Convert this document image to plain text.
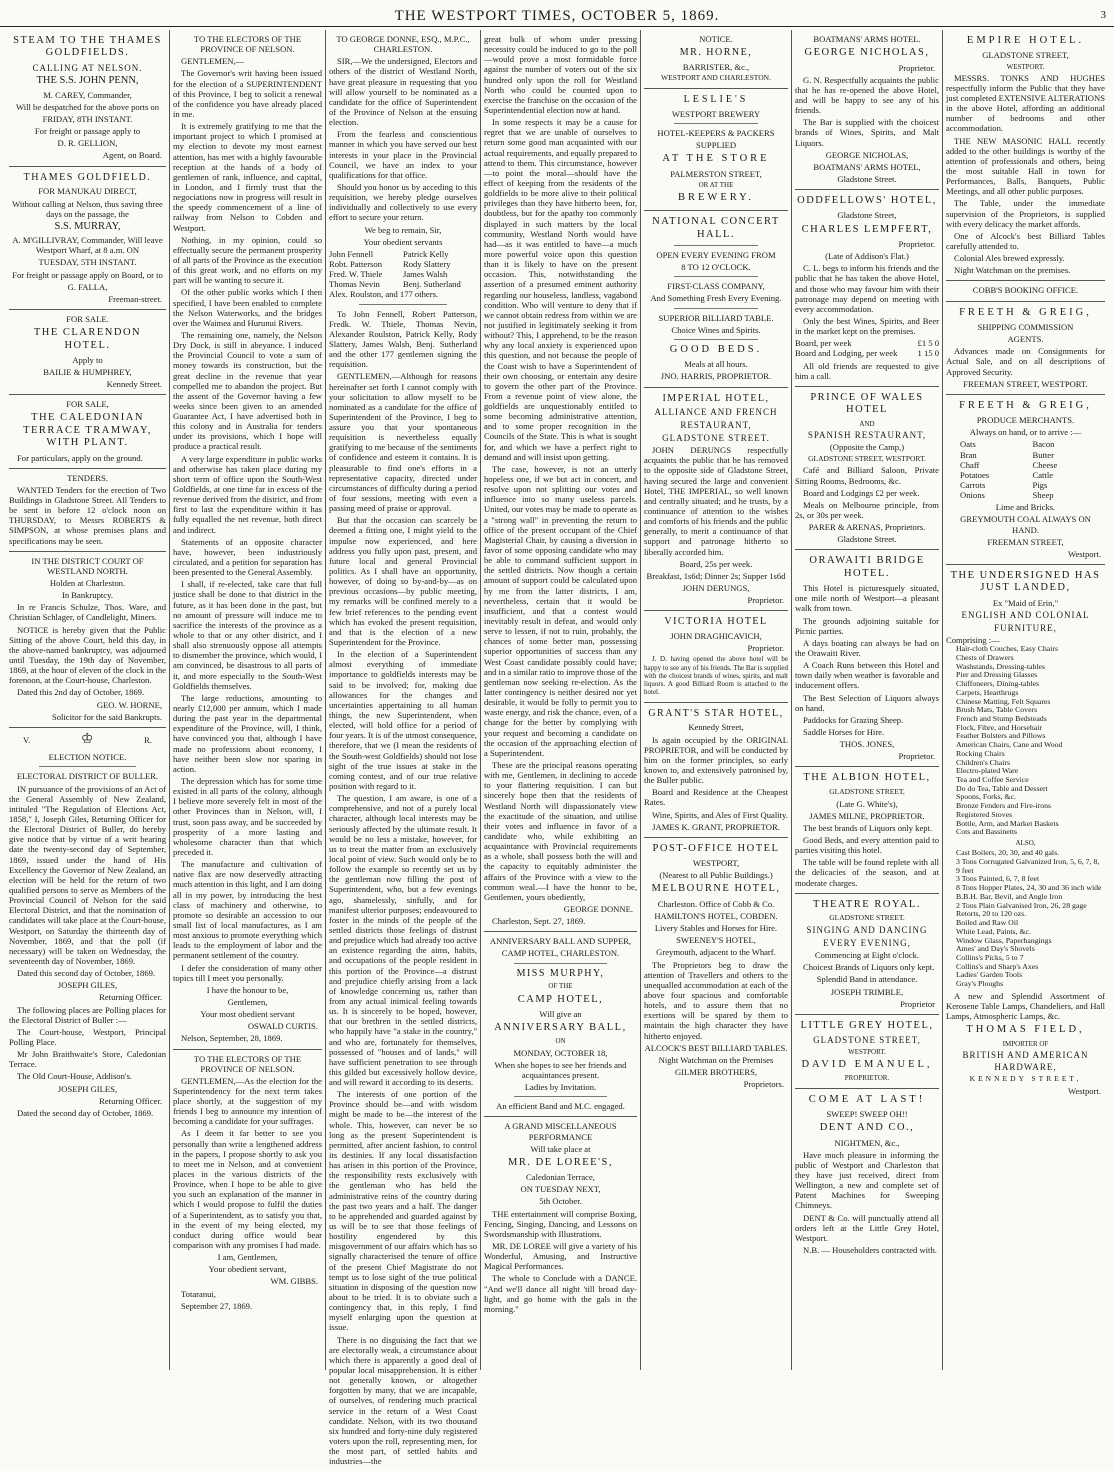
THE WESTPORT TIMES, OCTOBER 5, 1869.	3

STEAM TO THE THAMES GOLDFIELDS.

CALLING AT NELSON.

THE S.S. JOHN PENN,

M. CAREY, Commander,

Will be despatched for the above ports on

FRIDAY, 8TH INSTANT.

For freight or passage apply to

D. R. GELLION,

Agent, on Board.

THAMES GOLDFIELD.

FOR MANUKAU DIRECT,

Without calling at Nelson, thus saving three days on the passage, the

S.S. MURRAY,

A. M'GILLIVRAY, Commander, Will leave Westport Wharf, at 8 a.m. ON

TUESDAY, 5TH INSTANT.

For freight or passage apply on Board, or to

G. FALLA,

Freeman-street.

FOR SALE.

THE CLARENDON HOTEL.

Apply to

BAILIE & HUMPHREY,

Kennedy Street.

FOR SALE,

THE CALEDONIAN TERRACE TRAMWAY, WITH PLANT.

For particulars, apply on the ground.

TENDERS.

WANTED Tenders for the erection of Two Buildings in Gladstone Street. All Tenders to be sent in before 12 o'clock noon on THURSDAY, to Messrs ROBERTS & SIMPSON, at whose premises plans and specifications may be seen.

IN THE DISTRICT COURT OF WESTLAND NORTH.

Holden at Charleston.

In Bankruptcy.

In re Francis Schulze, Thos. Ware, and Christian Schlager, of Candlelight, Miners.

NOTICE is hereby given that the Public Sitting of the above Court, held this day, in the above-named bankruptcy, was adjourned until Tuesday, the 19th day of November, 1869, at the hour of eleven of the clock in the forenoon, at the Court-house, Charleston.

Dated this 2nd day of October, 1869.

GEO. W. HORNE,

Solicitor for the said Bankrupts.

V.	♔	R.

ELECTION NOTICE.

ELECTORAL DISTRICT OF BULLER.

IN pursuance of the provisions of an Act of the General Assembly of New Zealand, intituled "The Regulation of Elections Act, 1858," I, Joseph Giles, Returning Officer for the Electoral District of Buller, do hereby give notice that by virtue of a writ bearing date the twenty-second day of September, 1869, issued under the hand of His Excellency the Governor of New Zealand, an election will be held for the return of two qualified persons to serve as Members of the Provincial Council of Nelson for the said Electoral District, and that the nomination of candidates will take place at the Court-house, Westport, on Saturday the thirteenth day of November, 1869, and that the poll (if necessary) will be taken on Wednesday, the seventeenth day of November, 1869.

Dated this second day of October, 1869.

JOSEPH GILES,

Returning Officer.

The following places are Polling places for the Electoral District of Buller :—

The Court-house, Westport, Principal Polling Place.

Mr John Braithwaite's Store, Caledonian Terrace.

The Old Court-House, Addison's.

JOSEPH GILES,

Returning Officer.

Dated the second day of October, 1869.

TO THE ELECTORS OF THE PROVINCE OF NELSON.

GENTLEMEN,—

The Governor's writ having been issued for the election of a SUPERINTENDENT of this Province, I beg to solicit a renewal of the confidence you have already placed in me.

It is extremely gratifying to me that the important project to which I promised at my election to devote my most earnest attention, has met with a highly favourable reception at the hands of a body of gentlemen of rank, influence, and capital, in London, and I firmly trust that the negociations now in progress will result in the speedy commencement of a line of railway from Nelson to Cobden and Westport.

Nothing, in my opinion, could so effectually secure the permanent prosperity of all parts of the Province as the execution of this great work, and no efforts on my part will be wanting to secure it.

Of the other public works which I then specified, I have been enabled to complete the Nelson Waterworks, and the bridges over the Waimea and Hurunui Rivers.

The remaining one, namely, the Nelson Dry Dock, is still in abeyance. I induced the Provincial Council to vote a sum of money towards its construction, but the great decline in the revenue that year compelled me to abandon the project. But the assent of the Governor having a few weeks since been given to an amended Guarantee Act, I have advertised both in this colony and in Australia for tenders under its provisions, which I hope will produce a practical result.

A very large expenditure in public works and otherwise has taken place during my short term of office upon the South-West Goldfields, at one time far in excess of the revenue derived from the district, and from first to last the expenditure within it has fully equalled the net revenue, both direct and indirect.

Statements of an opposite character have, however, been industriously circulated, and a petition for separation has been presented to the General Assembly.

I shall, if re-elected, take care that full justice shall be done to that district in the future, as it has been done in the past, but no amount of pressure will induce me to sacrifice the interests of the province as a whole to that or any other district, and I shall also strenuously oppose all attempts to dismember the province, which would, I am convinced, be disastrous to all parts of it, and more especially to the South-West Goldfields themselves.

The large reductions, amounting to nearly £12,000 per annum, which I made during the past year in the departmental expenditure of the Province, will, I think, have convinced you that, although I have made no professions about economy, I have neither been slow nor sparing in action.

The depression which has for some time existed in all parts of the colony, although I believe more severely felt in most of the other Provinces than in Nelson, will, I trust, soon pass away, and be succeeded by prosperity of a more lasting and wholesome character than that which preceded it.

The manufacture and cultivation of native flax are now deservedly attracting much attention in this light, and I am doing all in my power, by introducing the best class of machinery and otherwise, to promote so desirable an accession to our small list of local manufactures, as I am most anxious to promote everything which leads to the employment of labor and the permanent settlement of the country.

I defer the consideration of many other topics till I meet you personally.

I have the honour to be,

Gentlemen,

Your most obedient servant

OSWALD CURTIS.

Nelson, September, 28, 1869.

TO THE ELECTORS OF THE PROVINCE OF NELSON.

GENTLEMEN,—As the election for the Superintendency for the next term takes place shortly, at the suggestion of my friends I beg to announce my intention of becoming a candidate for your suffrages.

As I deem it far better to see you personally than write a lengthened address in the papers, I propose shortly to ask you to meet me in Nelson, and at convenient places in the various districts of the Province, when I hope to be able to give you such an explanation of the manner in which I would propose to fulfil the duties of a Superintendent, as to satisfy you that, in the event of my being elected, my conduct during office would bear comparison with any promises I had made.

I am, Gentlemen,

Your obedient servant,

WM. GIBBS.

Totaranui,

September 27, 1869.

TO GEORGE DONNE, ESQ., M.P.C., CHARLESTON.

SIR,—We the undersigned, Electors and others of the district of Westland North, have great pleasure in requesting that you will allow yourself to be nominated as a candidate for the office of Superintendent of the Province of Nelson at the ensuing election.

From the fearless and conscientious manner in which you have served our best interests in your place in the Provincial Council, we have an index to your qualifications for that office.

Should you honor us by acceding to this requisition, we hereby pledge ourselves individually and collectively to use every effort to secure your return.

We beg to remain, Sir,

Your obedient servants

John Fennell	Patrick Kelly
Robt. Patterson	Rody Slattery
Fred. W. Thiele	James Walsh
Thomas Nevin	Benj. Sutherland

Alex. Roulston, and 177 others.

To John Fennell, Robert Patterson, Fredk. W. Thiele, Thomas Nevin, Alexander Roulston, Patrick Kelly, Rody Slattery, James Walsh, Benj. Sutherland and the other 177 gentlemen signing the requisition.

GENTLEMEN,—Although for reasons hereinafter set forth I cannot comply with your solicitation to allow myself to be nominated as a candidate for the office of Superintendent of the Province, I beg to assure you that your spontaneous requisition is nevertheless equally gratifying to me because of the sentiments of confidence and esteem it contains. It is pleasurable to find one's efforts in a representative capacity, directed under circumstances of difficulty during a period of four sessions, meeting with even a passing meed of praise or approval.

But that the occasion can scarcely be deemed a fitting one, I might yield to the impulse now experienced, and here address you fully upon past, present, and future local and general Provincial politics. As I shall have an opportunity, however, of doing so by-and-by—as on previous occasions—by public meeting, my remarks will be confined merely to a few brief references to the pending event which has evoked the present requisition, and that is the election of a new Superintendent for the Province.

In the election of a Superintendent almost everything of immediate importance to goldfields interests may be said to be involved; for, making due allowances for the changes and uncertainties appertaining to all human things, the new Superintendent, when elected, will hold office for a period of four years. It is of the utmost consequence, therefore, that we (I mean the residents of the South-west Goldfields) should not lose sight of the true issues at stake in the coming contest, and of our true relative position with regard to it.

The question, I am aware, is one of a comprehensive, and not of a purely local character, although local interests may be seriously affected by the ultimate result. It would be no less a mistake, however, for us to treat the matter from an exclusively local point of view. Such would only be to follow the example so recently set us by the gentleman now filling the post of Superintendent, who, but a few evenings ago, shamelessly, sinfully, and for manifest ulterior purposes; endeavoured to foster in the minds of the people of the settled districts those feelings of distrust and prejudice which had already too active an existence regarding the aims, habits, and occupations of the people resident in this portion of the Province—a distrust and prejudice chiefly arising from a lack of knowledge concerning us, rather than from any actual inimical feeling towards us. It is sincerely to be hoped, however, that our brethren in the settled districts, who happily have "a stake in the country," and who are, fortunately for themselves, possessed of "houses and of lands," will have sufficient penetration to see through this gilded but excessively hollow device, and will reward it according to its deserts.

The interests of one portion of the Province should be—and with wisdom might be made to be—the interest of the whole. This, however, can never be so long as the present Superintendent is permitted, after ancient fashion, to control its destinies. If any local dissatisfaction has arisen in this portion of the Province, the responsibility rests exclusively with the gentleman who has held the administrative reins of the country during the past two years and a half. The danger to be apprehended and guarded against by us will be to see that those feelings of hostility engendered by this misgovernment of our affairs which has so signally characterised the tenure of office of the present Chief Magistrate do not tempt us to lose sight of the true political situation in disposing of the question now about to be tried. It is to obviate such a contingency that, in this reply, I find myself enlarging upon the question at issue.

There is no disguising the fact that we are electorally weak, a circumstance about which there is apparently a good deal of popular local misapprehension. It is either not generally known, or altogether forgotten by many, that we are incapable, of ourselves, of rendering much practical service in the return of a West Coast candidate. Nelson, with its two thousand six hundred and forty-nine duly registered voters upon the roll, representing men, for the most part, of settled habits and industries—the

great bulk of whom under pressing necessity could be induced to go to the poll—would prove a most formidable force against the number of voters out of the six hundred only upon the roll for Westland North who could be counted upon to exercise the franchise on the occasion of the Superintendential election now at hand.

In some respects it may be a cause for regret that we are unable of ourselves to return some good man acquainted with our actual requirements, and equally prepared to attend to them. This circumstance, however—to point the moral—should have the effect of keeping from the residents of the goldfields to be more alive to their political privileges than they have hitherto been, for, doubtless, but for the apathy too commonly displayed in such matters by the local community, Westland North would have had—as it was entitled to have—a much more powerful voice upon this question than it is likely to have on the present occasion. This, notwithstanding the assertion of a presumed eminent authority regarding our houseless, landless, vagabond condition. Who will venture to deny that if we cannot obtain redress from within we are not justified in legitimately seeking it from without? This, I apprehend, to be the reason why any local anxiety is experienced upon this question, and not because the people of the Coast wish to have a Superintendent of their own choosing, or entertain any desire to govern the other part of the Province. From a revenue point of view alone, the goldfields are unquestionably entitled to some becoming administrative attention, and to some proper recognition in the Councils of the State. This is what is sought for, and which we have a perfect right to demand and will insist upon getting.

The case, however, is not an utterly hopeless one, if we but act in concert, and resolve upon not splitting our votes and influence into so many useless parcels. United, our votes may be made to operate as a "strong wall" in preventing the return to office of the present occupant of the Chief Magisterial Chair, by causing a diversion in favor of some opposing candidate who may be able to command sufficient support in the settled districts. Now though a certain amount of support could be calculated upon by me from the latter districts, I am, nevertheless, certain that it would be insufficient, and that a contest would inevitably result in defeat, and would only serve to lessen, if not to ruin, probably, the chances of some better man, possessing superior opportunities of success than any West Coast candidate possibly could have; and in a similar ratio to improve those of the gentleman now seeking re-election. As the latter contingency is neither desired nor yet desirable, it would be folly to permit you to waste energy, and risk the chance, even, of a change for the better by complying with your request and becoming a candidate on the occasion of the approaching election of a Superintendent.

These are the principal reasons operating with me, Gentlemen, in declining to accede to your flattering requisition. I can but sincerely hope then that the residents of Westland North will dispassionately view the exactitude of the situation, and utilise their votes and influence in favor of a candidate who, while exhibiting an acquaintance with Provincial requirements as a whole, shall possess both the will and the capacity to equitably administer the affairs of the Province with a view to the common weal.—I have the honor to be, Gentlemen, yours obediently,

GEORGE DONNE.

Charleston, Sept. 27, 1869.

ANNIVERSARY BALL AND SUPPER,

CAMP HOTEL, CHARLESTON.

MISS MURPHY,

OF THE

CAMP HOTEL,

Will give an

ANNIVERSARY BALL,

ON

MONDAY, OCTOBER 18,

When she hopes to see her friends and acquaintances present.

Ladies by Invitation.

An efficient Band and M.C. engaged.

A GRAND MISCELLANEOUS PERFORMANCE

Will take place at

MR. DE LOREE'S,

Caledonian Terrace,

ON TUESDAY NEXT,

5th October.

THE entertainment will comprise Boxing, Fencing, Singing, Dancing, and Lessons on Swordsmanship with Illustrations.

MR. DE LOREE will give a variety of his Wonderful, Amusing, and Instructive Magical Performances.

The whole to Conclude with a DANCE. "And we'll dance all night 'till broad day-light, and go home with the gals in the morning."

NOTICE.

MR. HORNE,

BARRISTER, &c.,

WESTPORT AND CHARLESTON.

LESLIE'S

WESTPORT BREWERY

HOTEL-KEEPERS & PACKERS

SUPPLIED

AT THE STORE

PALMERSTON STREET,

OR AT THE

BREWERY.

NATIONAL CONCERT HALL.

OPEN EVERY EVENING FROM

8 TO 12 O'CLOCK.

FIRST-CLASS COMPANY,

And Something Fresh Every Evening.

SUPERIOR BILLIARD TABLE.

Choice Wines and Spirits.

GOOD BEDS.

Meals at all hours.

JNO. HARRIS, PROPRIETOR.

IMPERIAL HOTEL,

ALLIANCE AND FRENCH

RESTAURANT,

GLADSTONE STREET.

JOHN DERUNGS respectfully acquaints the public that he has removed to the opposite side of Gladstone Street, having secured the large and convenient Hotel, THE IMPERIAL, so well known and centrally situated; and he trusts, by a continuance of attention to the wishes and comforts of his friends and the public generally, to merit a continuance of that support and patronage hitherto so liberally accorded him.

Board, 25s per week.

Breakfast, 1s6d; Dinner 2s; Supper 1s6d

JOHN DERUNGS,

Proprietor.

VICTORIA HOTEL

JOHN DRAGHICAVICH,

Proprietor.

J. D. having opened the above hotel will be happy to see any of his friends. The Bar is supplied with the choicest brands of wines, spirits, and malt liquors. A good Billiard Room is attached to the hotel.

GRANT'S STAR HOTEL,

Kennedy Street,

Is again occupied by the ORIGINAL PROPRIETOR, and will be conducted by him on the former principles, so early known to, and extensively patronised by, the Buller public.

Board and Residence at the Cheapest Rates.

Wine, Spirits, and Ales of First Quality.

JAMES K. GRANT, PROPRIETOR.

POST-OFFICE HOTEL

WESTPORT,

(Nearest to all Public Buildings.)

MELBOURNE HOTEL,

Charleston. Office of Cobb & Co.

HAMILTON'S HOTEL, COBDEN.

Livery Stables and Horses for Hire.

SWEENEY'S HOTEL,

Greymouth, adjacent to the Wharf.

The Proprietors beg to draw the attention of Travellers and others to the unequalled accommodation at each of the above four spacious and comfortable hotels, and to assure them that no exertions will be spared by them to maintain the high character they have hitherto enjoyed.

ALCOCK'S BEST BILLIARD TABLES.

Night Watchman on the Premises

GILMER BROTHERS,

Proprietors.

BOATMANS' ARMS HOTEL.

GEORGE NICHOLAS,

Proprietor.

G. N. Respectfully acquaints the public that he has re-opened the above Hotel, and will be happy to see any of his friends.

The Bar is supplied with the choicest brands of Wines, Spirits, and Malt Liquors.

GEORGE NICHOLAS,

BOATMANS' ARMS HOTEL,

Gladstone Street.

ODDFELLOWS' HOTEL,

Gladstone Street,

CHARLES LEMPFERT,

Proprietor.

(Late of Addison's Flat.)

C. L. begs to inform his friends and the public that he has taken the above Hotel, and those who may favour him with their patronage may depend on meeting with every accommodation.

Only the best Wines, Spirits, and Beer in the market kept on the premises.

Board, per week	£1 5 0
Board and Lodging, per week	1 15 0

All old friends are requested to give him a call.

PRINCE OF WALES HOTEL

AND

SPANISH RESTAURANT,

(Opposite the Camp,)

GLADSTONE STREET, WESTPORT.

Café and Billiard Saloon, Private Sitting Rooms, Bedrooms, &c.

Board and Lodgings £2 per week.

Meals on Melbourne principle, from 2s, or 30s per week.

PARER & ARENAS, Proprietors.

Gladstone Street.

ORAWAITI BRIDGE HOTEL.

This Hotel is picturesquely situated, one mile north of Westport—a pleasant walk from town.

The grounds adjoining suitable for Picnic parties.

A days boating can always be had on the Orawaiti River.

A Coach Runs between this Hotel and town daily when weather is favorable and inducement offers.

The Best Selection of Liquors always on hand.

Paddocks for Grazing Sheep.

Saddle Horses for Hire.

THOS. JONES,

Proprietor.

THE ALBION HOTEL,

GLADSTONE STREET,

(Late G. White's),

JAMES MILNE, PROPRIETOR.

The best brands of Liquors only kept.

Good Beds, and every attention paid to parties visiting this hotel.

The table will be found replete with all the delicacies of the season, and at moderate charges.

THEATRE ROYAL.

GLADSTONE STREET.

SINGING AND DANCING

EVERY EVENING,

Commencing at Eight o'clock.

Choicest Brands of Liquors only kept.

Splendid Band in attendance.

JOSEPH TRIMBLE,

Proprietor

LITTLE GREY HOTEL,

GLADSTONE STREET,

WESTPORT.

DAVID EMANUEL,

PROPRIETOR.

COME AT LAST!

SWEEP! SWEEP OH!!

DENT AND CO.,

NIGHTMEN, &c.,

Have much pleasure in informing the public of Westport and Charleston that they have just received, direct from Wellington, a new and complete set of Patent Machines for Sweeping Chimneys.

DENT & Co. will punctually attend all orders left at the Little Grey Hotel, Westport.

N.B. — Householders contracted with.

EMPIRE HOTEL.

GLADSTONE STREET,

WESTPORT.

MESSRS. TONKS AND HUGHES respectfully inform the Public that they have just completed EXTENSIVE ALTERATIONS in the above Hotel, affording an additional number of bedrooms and other accommodation.

THE NEW MASONIC HALL recently added to the other buildings is worthy of the attention of professionals and others, being the most suitable Hall in town for Performances, Balls, Banquets, Public Meetings, and all other public purposes.

The Table, under the immediate supervision of the Proprietors, is supplied with every delicacy the market affords.

One of Alcock's best Billiard Tables carefully attended to.

Colonial Ales brewed expressly.

Night Watchman on the premises.

COBB'S BOOKING OFFICE.

FREETH & GREIG,

SHIPPING COMMISSION

AGENTS.

Advances made on Consignments for Actual Sale, and on all descriptions of Approved Security.

FREEMAN STREET, WESTPORT.

FREETH & GREIG,

PRODUCE MERCHANTS.

Always on hand, or to arrive :—

Oats	Bacon
Bran	Butter
Chaff	Cheese
Potatoes	Cattle
Carrots	Pigs
Onions	Sheep

Lime and Bricks.

GREYMOUTH COAL ALWAYS ON HAND.

FREEMAN STREET,

Westport.

THE UNDERSIGNED HAS JUST LANDED,

Ex "Maid of Erin,"

ENGLISH AND COLONIAL

FURNITURE,

Comprising :—

Hair-cloth Couches, Easy Chairs
Chests of Drawers
Washstands, Dressing-tables
Pier and Dressing Glasses
Chiffoneers, Dining-tables
Carpets, Hearthrugs
Chinese Matting, Felt Squares
Brush Mats, Table Covers
French and Stump Bedsteads
Flock, Fibre, and Horsehair
Feather Bolsters and Pillows
American Chairs, Cane and Wood
Rocking Chairs
Children's Chairs
Electro-plated Ware
Tea and Coffee Service
Do do Tea, Table and Dessert
Spoons, Forks, &c.
Bronze Fenders and Fire-irons
Registered Stoves
Bottle, Arm, and Market Baskets
Cots and Bassinetts

ALSO,

Cast Boilers, 20, 30, and 40 gals.
3 Tons Corrugated Galvanized Iron, 5, 6, 7, 8, 9 feet
3 Tons Painted, 6, 7, 8 feet
8 Tons Hopper Plates, 24, 30 and 36 inch wide
B.B.H. Bar, Bevil, and Angle Iron
2 Tons Plain Galvanised Iron, 26, 28 gage
Retorts, 20 to 120 ozs.
Boiled and Raw Oil
White Lead, Paints, &c.
Window Glass, Paperhangings
Ames' and Day's Shovels
Collins's Picks, 5 to 7
Collins's and Sharp's Axes
Ladies' Garden Tools
Gray's Ploughs

A new and Splendid Assortment of Kerosene Table Lamps, Chandeliers, and Hall Lamps, Atmospheric Lamps, &c.

THOMAS FIELD,

IMPORTER OF

BRITISH AND AMERICAN

HARDWARE,

KENNEDY STREET,

Westport.
